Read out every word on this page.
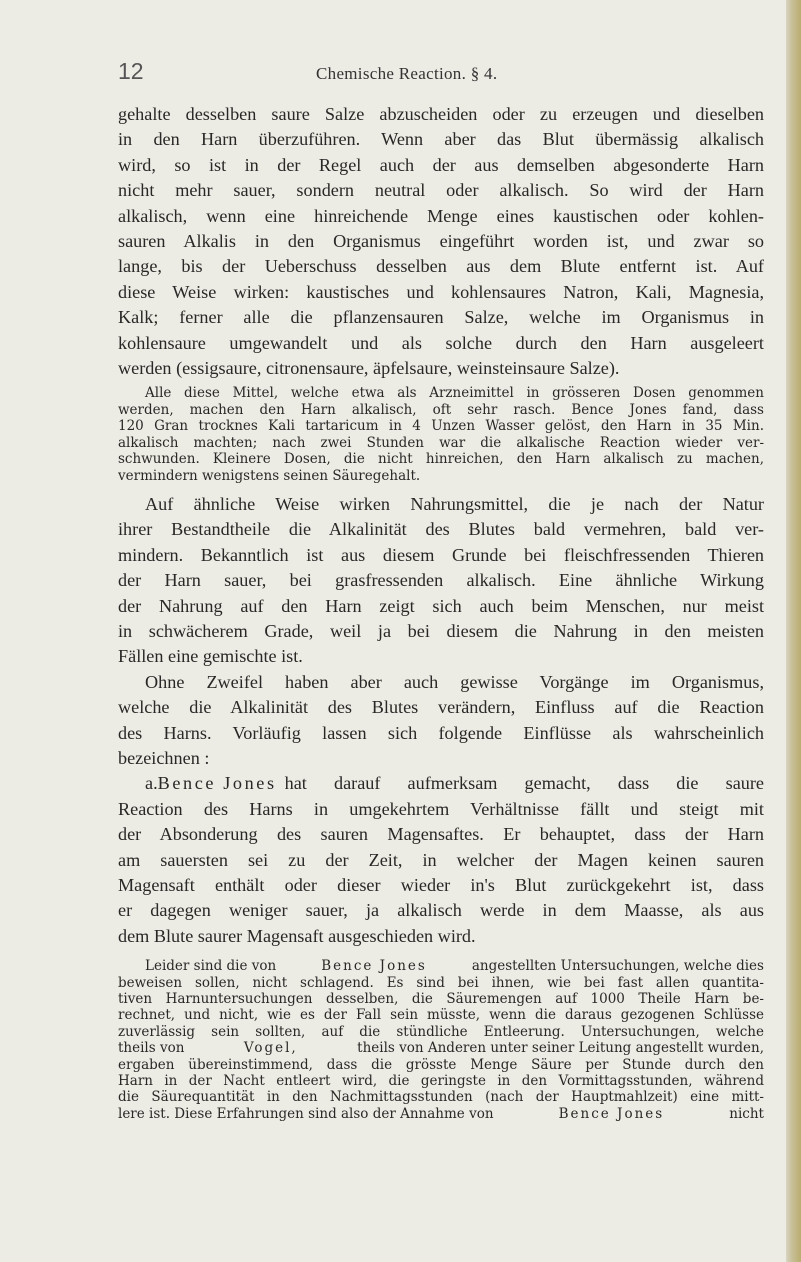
12	Chemische Reaction. § 4.
gehalte desselben saure Salze abzuscheiden oder zu erzeugen und dieselben
in den Harn überzuführen. Wenn aber das Blut übermässig alkalisch
wird, so ist in der Regel auch der aus demselben abgesonderte Harn
nicht mehr sauer, sondern neutral oder alkalisch. So wird der Harn
alkalisch, wenn eine hinreichende Menge eines kaustischen oder kohlen-
sauren Alkalis in den Organismus eingeführt worden ist, und zwar so
lange, bis der Ueberschuss desselben aus dem Blute entfernt ist. Auf
diese Weise wirken: kaustisches und kohlensaures Natron, Kali, Magnesia,
Kalk; ferner alle die pflanzensauren Salze, welche im Organismus in
kohlensaure umgewandelt und als solche durch den Harn ausgeleert
werden (essigsaure, citronensaure, äpfelsaure, weinsteinsaure Salze).
Alle diese Mittel, welche etwa als Arzneimittel in grösseren Dosen genommen
werden, machen den Harn alkalisch, oft sehr rasch. Bence Jones fand, dass
120 Gran trocknes Kali tartaricum in 4 Unzen Wasser gelöst, den Harn in 35 Min.
alkalisch machten; nach zwei Stunden war die alkalische Reaction wieder ver-
schwunden. Kleinere Dosen, die nicht hinreichen, den Harn alkalisch zu machen,
vermindern wenigstens seinen Säuregehalt.
Auf ähnliche Weise wirken Nahrungsmittel, die je nach der Natur
ihrer Bestandtheile die Alkalinität des Blutes bald vermehren, bald ver-
mindern. Bekanntlich ist aus diesem Grunde bei fleischfressenden Thieren
der Harn sauer, bei grasfressenden alkalisch. Eine ähnliche Wirkung
der Nahrung auf den Harn zeigt sich auch beim Menschen, nur meist
in schwächerem Grade, weil ja bei diesem die Nahrung in den meisten
Fällen eine gemischte ist.
Ohne Zweifel haben aber auch gewisse Vorgänge im Organismus,
welche die Alkalinität des Blutes verändern, Einfluss auf die Reaction
des Harns. Vorläufig lassen sich folgende Einflüsse als wahrscheinlich
bezeichnen :
a. Bence Jones hat darauf aufmerksam gemacht, dass die saure
Reaction des Harns in umgekehrtem Verhältnisse fällt und steigt mit
der Absonderung des sauren Magensaftes. Er behauptet, dass der Harn
am sauersten sei zu der Zeit, in welcher der Magen keinen sauren
Magensaft enthält oder dieser wieder in's Blut zurückgekehrt ist, dass
er dagegen weniger sauer, ja alkalisch werde in dem Maasse, als aus
dem Blute saurer Magensaft ausgeschieden wird.
Leider sind die von	Bence Jones	angestellten Untersuchungen, welche dies
beweisen sollen, nicht schlagend. Es sind bei ihnen, wie bei fast allen quantita-
tiven Harnuntersuchungen desselben, die Säuremengen auf 1000 Theile Harn be-
rechnet, und nicht, wie es der Fall sein müsste, wenn die daraus gezogenen Schlüsse
zuverlässig sein sollten, auf die stündliche Entleerung. Untersuchungen, welche
theils von	Vogel,	theils von Anderen unter seiner Leitung angestellt wurden,
ergaben übereinstimmend, dass die grösste Menge Säure per Stunde durch den
Harn in der Nacht entleert wird, die geringste in den Vormittagsstunden, während
die Säurequantität in den Nachmittagsstunden (nach der Hauptmahlzeit) eine mitt-
lere ist. Diese Erfahrungen sind also der Annahme von	Bence Jones	nicht
